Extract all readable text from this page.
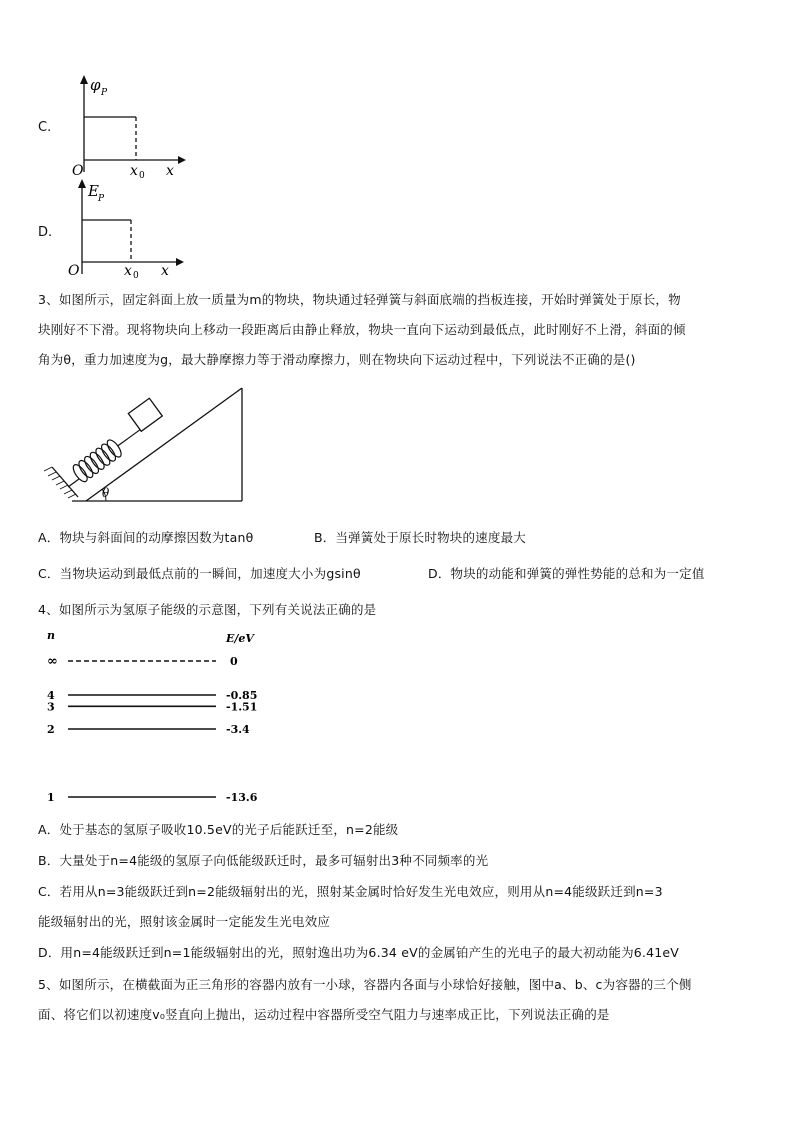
C.
φ P
O	x 0 x
D.
E P
O	x 0 x
3、如图所示，固定斜面上放一质量为m的物块，物块通过轻弹簧与斜面底端的挡板连接，开始时弹簧处于原长，物
块刚好不下滑。现将物块向上移动一段距离后由静止释放，物块一直向下运动到最低点，此时刚好不上滑，斜面的倾
角为θ，重力加速度为g，最大静摩擦力等于滑动摩擦力，则在物块向下运动过程中，下列说法不正确的是()
θ
A．物块与斜面间的动摩擦因数为tanθ	B．当弹簧处于原长时物块的速度最大
C．当物块运动到最低点前的一瞬间，加速度大小为gsinθ	D．物块的动能和弹簧的弹性势能的总和为一定值
4、如图所示为氢原子能级的示意图，下列有关说法正确的是
∞	0
4	-0.85
3	-1.51
2	-3.4
1	-13.6
n	E/eV
A．处于基态的氢原子吸收10.5eV的光子后能跃迁至，n=2能级
B．大量处于n=4能级的氢原子向低能级跃迁时，最多可辐射出3种不同频率的光
C．若用从n=3能级跃迁到n=2能级辐射出的光，照射某金属时恰好发生光电效应，则用从n=4能级跃迁到n=3
能级辐射出的光，照射该金属时一定能发生光电效应
D．用n=4能级跃迁到n=1能级辐射出的光，照射逸出功为6.34 eV的金属铂产生的光电子的最大初动能为6.41eV
5、如图所示，在横截面为正三角形的容器内放有一小球，容器内各面与小球恰好接触，图中a、b、c为容器的三个侧
面、将它们以初速度v₀竖直向上抛出，运动过程中容器所受空气阻力与速率成正比，下列说法正确的是
